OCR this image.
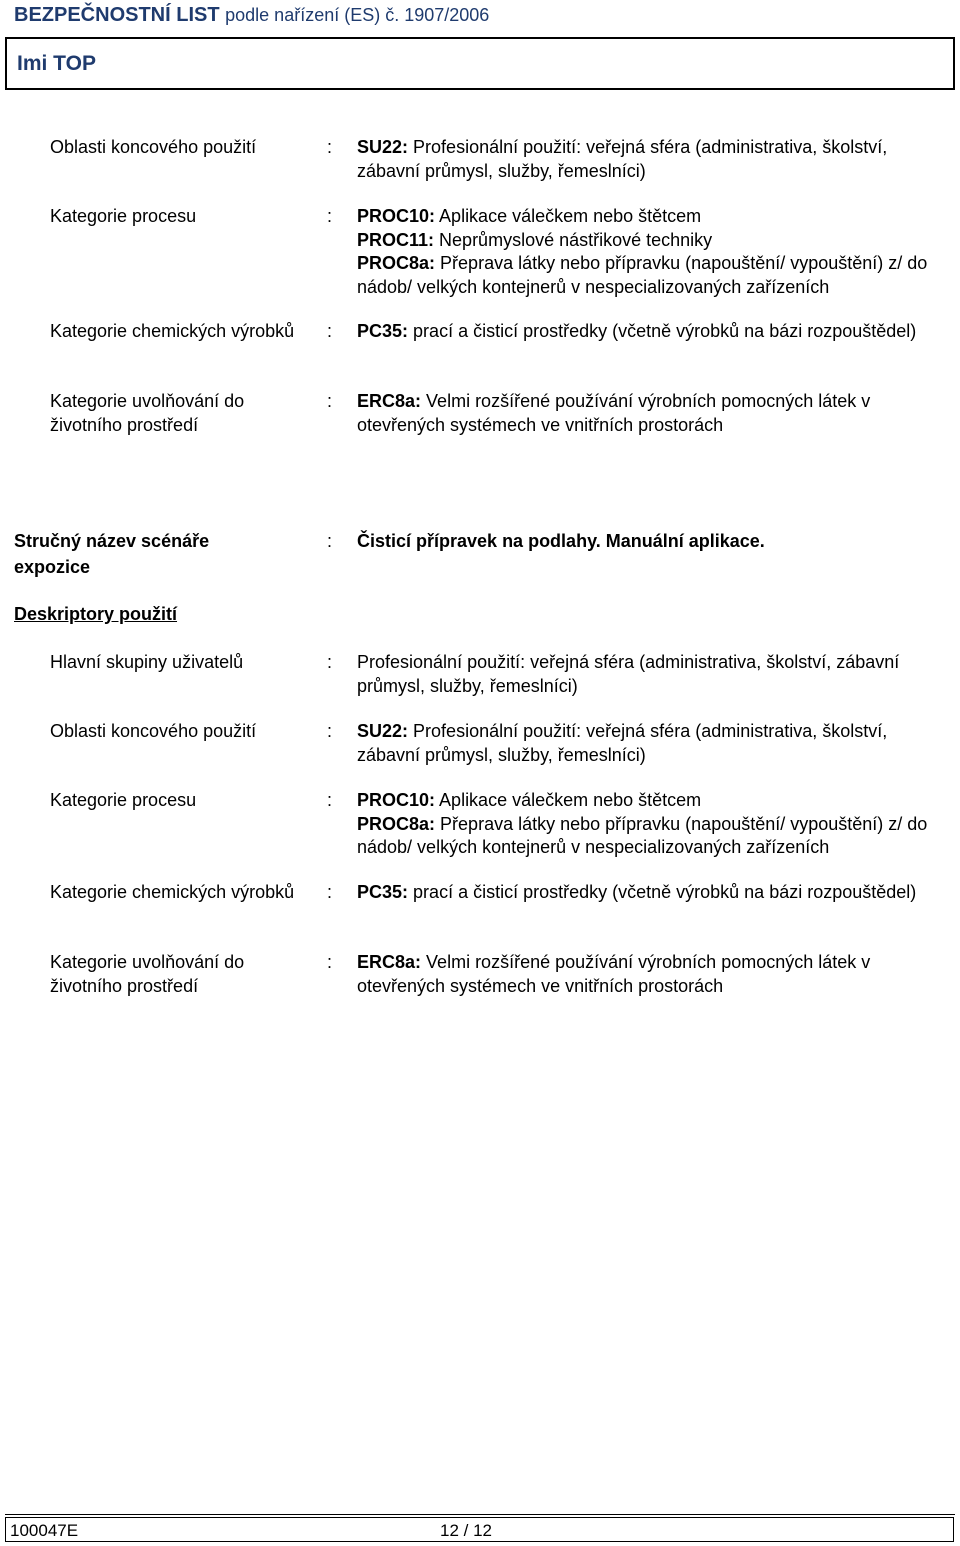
BEZPEČNOSTNÍ LIST podle nařízení (ES) č. 1907/2006
Imi TOP
Oblasti koncového použití	: SU22: Profesionální použití: veřejná sféra (administrativa, školství, zábavní průmysl, služby, řemeslníci)
Kategorie procesu	: PROC10: Aplikace válečkem nebo štětcem
PROC11: Neprůmyslové nástřikové techniky
PROC8a: Přeprava látky nebo přípravku (napouštění/ vypouštění) z/ do nádob/ velkých kontejnerů v nespecializovaných zařízeních
Kategorie chemických výrobků	: PC35: prací a čisticí prostředky (včetně výrobků na bázi rozpouštědel)
Kategorie uvolňování do životního prostředí
: ERC8a: Velmi rozšířené používání výrobních pomocných látek v otevřených systémech ve vnitřních prostorách
Stručný název scénáře expozice
: Čisticí přípravek na podlahy. Manuální aplikace.
Deskriptory použití
Hlavní skupiny uživatelů	: Profesionální použití: veřejná sféra (administrativa, školství, zábavní průmysl, služby, řemeslníci)
Oblasti koncového použití	: SU22: Profesionální použití: veřejná sféra (administrativa, školství, zábavní průmysl, služby, řemeslníci)
Kategorie procesu	: PROC10: Aplikace válečkem nebo štětcem
PROC8a: Přeprava látky nebo přípravku (napouštění/ vypouštění) z/ do nádob/ velkých kontejnerů v nespecializovaných zařízeních
Kategorie chemických výrobků	: PC35: prací a čisticí prostředky (včetně výrobků na bázi rozpouštědel)
Kategorie uvolňování do životního prostředí
: ERC8a: Velmi rozšířené používání výrobních pomocných látek v otevřených systémech ve vnitřních prostorách
100047E	12 / 12
